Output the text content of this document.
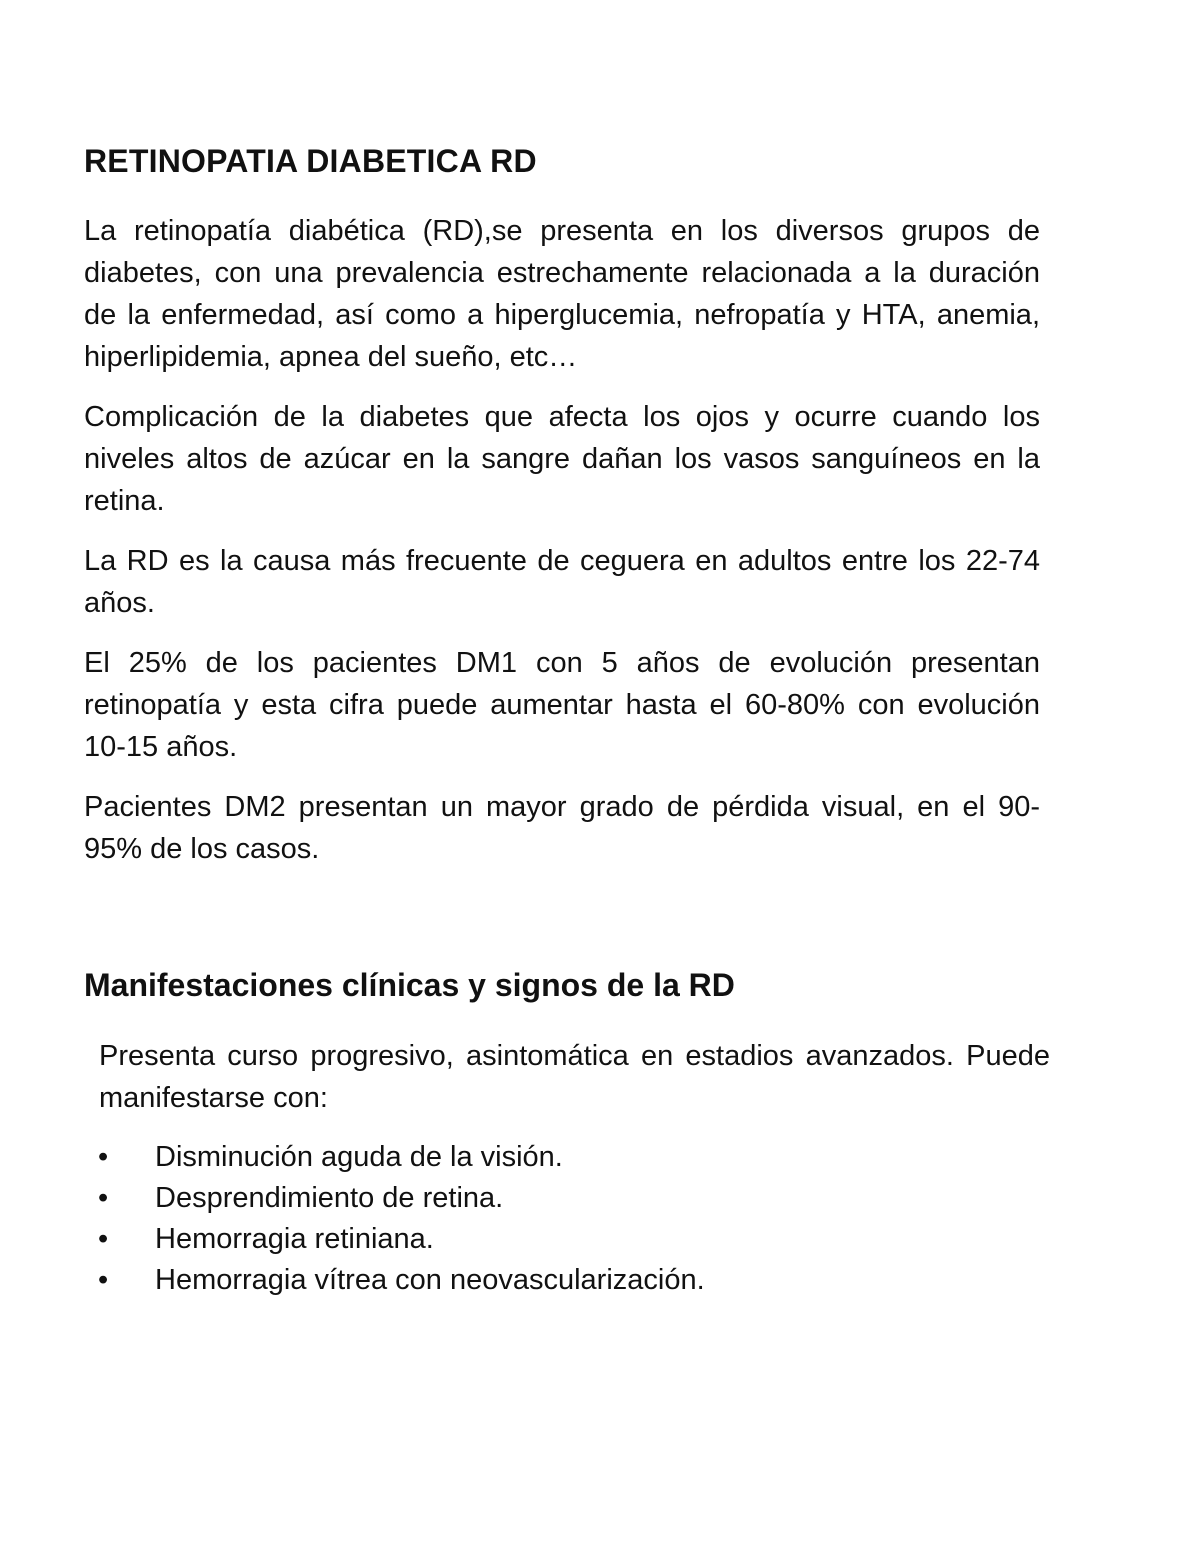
RETINOPATIA DIABETICA RD

La retinopatía diabética (RD),se presenta en los diversos grupos de diabetes, con una prevalencia estrechamente relacionada a la duración de la enfermedad, así como a hiperglucemia, nefropatía y HTA, anemia, hiperlipidemia, apnea del sueño, etc…

Complicación de la diabetes que afecta los ojos y ocurre cuando los niveles altos de azúcar en la sangre dañan los vasos sanguíneos en la retina.

La RD es la causa más frecuente de ceguera en adultos entre los 22-74 años.

El 25% de los pacientes DM1 con 5 años de evolución presentan retinopatía y esta cifra puede aumentar hasta el 60-80% con evolución 10-15 años.

Pacientes DM2 presentan un mayor grado de pérdida visual, en el 90-95% de los casos.

Manifestaciones clínicas y signos de la RD

Presenta curso progresivo, asintomática en estadios avanzados. Puede manifestarse con:

• Disminución aguda de la visión.
• Desprendimiento de retina.
• Hemorragia retiniana.
• Hemorragia vítrea con neovascularización.
